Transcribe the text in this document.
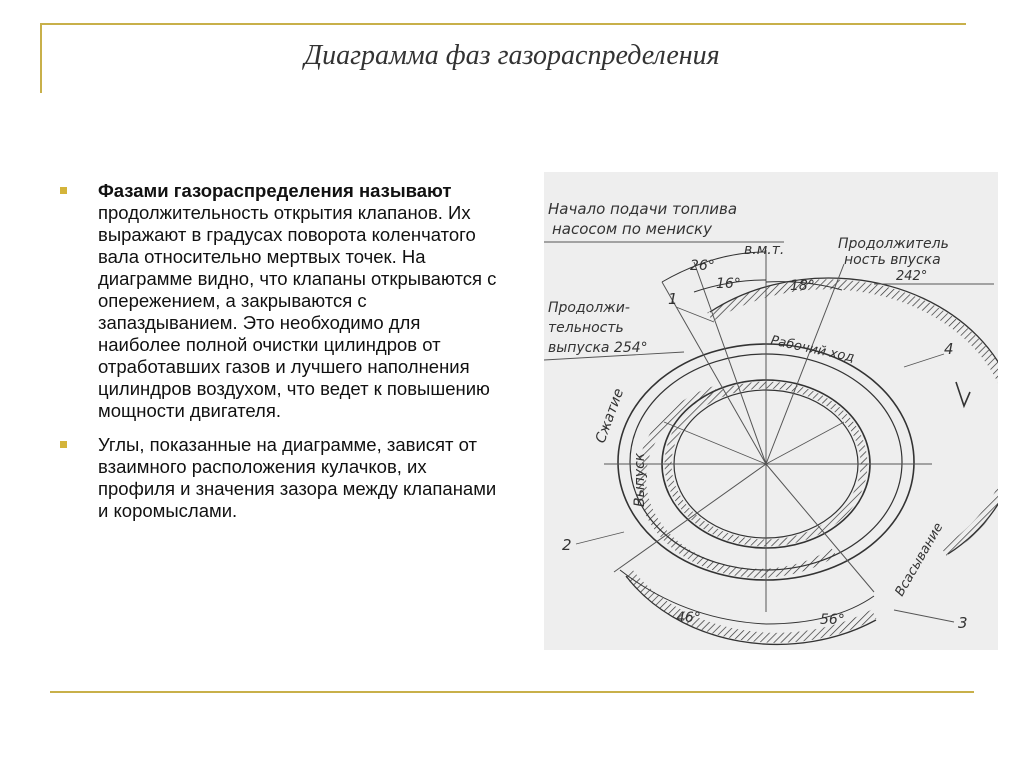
Диаграмма фаз газораспределения
Фазами газораспределения называют продолжительность открытия клапанов. Их выражают в градусах поворота коленчатого вала относительно мертвых точек. На диаграмме видно, что клапаны открываются с опережением, а закрываются с запаздыванием. Это необходимо для наиболее полной очистки цилиндров от отработавших газов и лучшего наполнения цилиндров воздухом, что ведет к повышению мощности двигателя.
Углы, показанные на диаграмме, зависят от взаимного расположения кулачков, их профиля и значения зазора между клапанами и коромыслами.
Начало подачи топлива
насосом по мениску
в.м.т.	Продолжитель
ность впуска
242°
Продолжи-
тельность
выпуска 254°	Рабочий ход
Сжатие
Выпуск
Всасывание
26°
16°	18°
46°	56°
1
2
3
4
